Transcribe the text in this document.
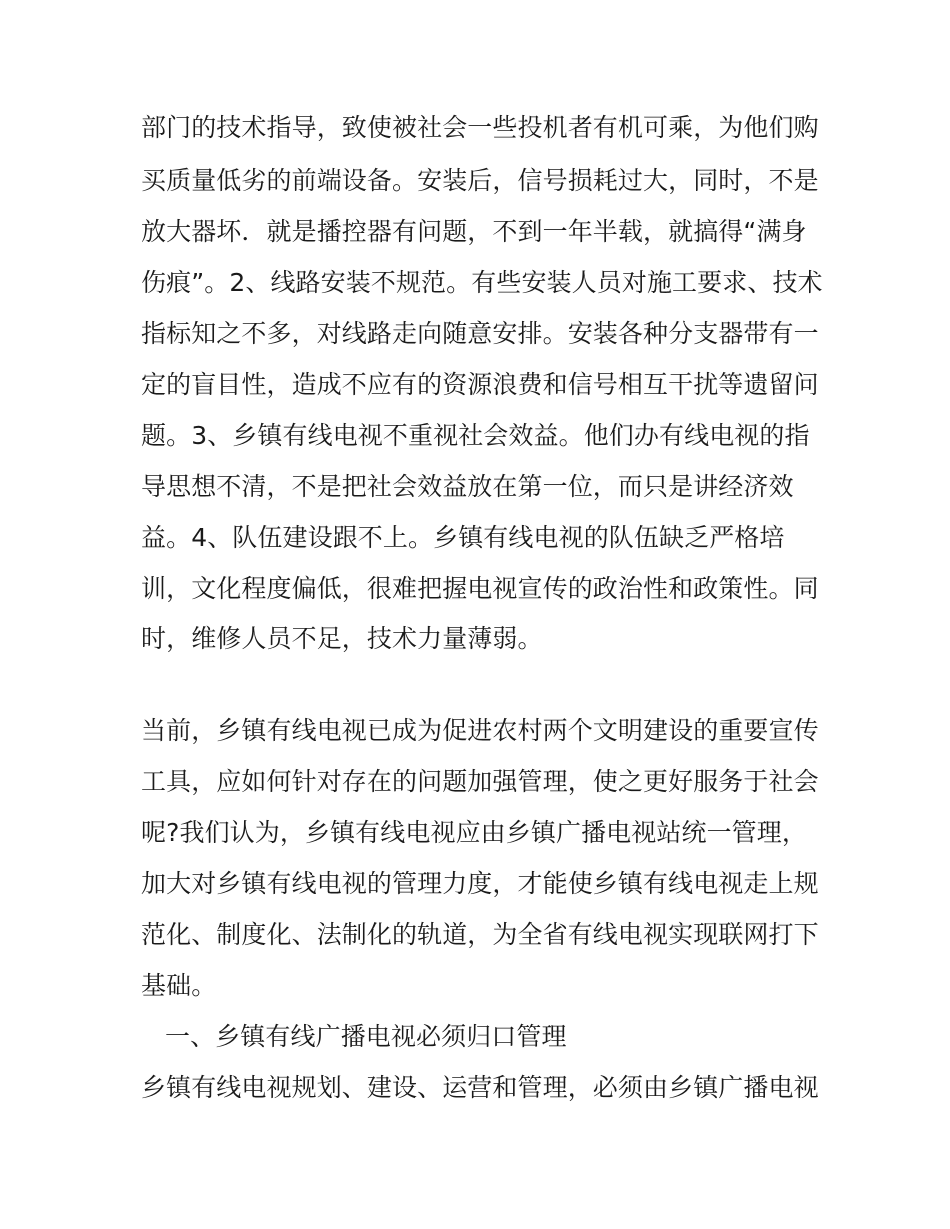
部门的技术指导，致使被社会一些投机者有机可乘，为他们购
买质量低劣的前端设备。安装后，信号损耗过大，同时，不是
放大器坏．就是播控器有问题，不到一年半载，就搞得“满身
伤痕”。2、线路安装不规范。有些安装人员对施工要求、技术
指标知之不多，对线路走向随意安排。安装各种分支器带有一
定的盲目性，造成不应有的资源浪费和信号相互干扰等遗留问
题。3、乡镇有线电视不重视社会效益。他们办有线电视的指
导思想不清，不是把社会效益放在第一位，而只是讲经济效
益。4、队伍建设跟不上。乡镇有线电视的队伍缺乏严格培
训，文化程度偏低，很难把握电视宣传的政治性和政策性。同
时，维修人员不足，技术力量薄弱。
当前，乡镇有线电视已成为促进农村两个文明建设的重要宣传
工具，应如何针对存在的问题加强管理，使之更好服务于社会
呢?我们认为，乡镇有线电视应由乡镇广播电视站统一管理，
加大对乡镇有线电视的管理力度，才能使乡镇有线电视走上规
范化、制度化、法制化的轨道，为全省有线电视实现联网打下
基础。
一、乡镇有线广播电视必须归口管理
乡镇有线电视规划、建设、运营和管理，必须由乡镇广播电视
